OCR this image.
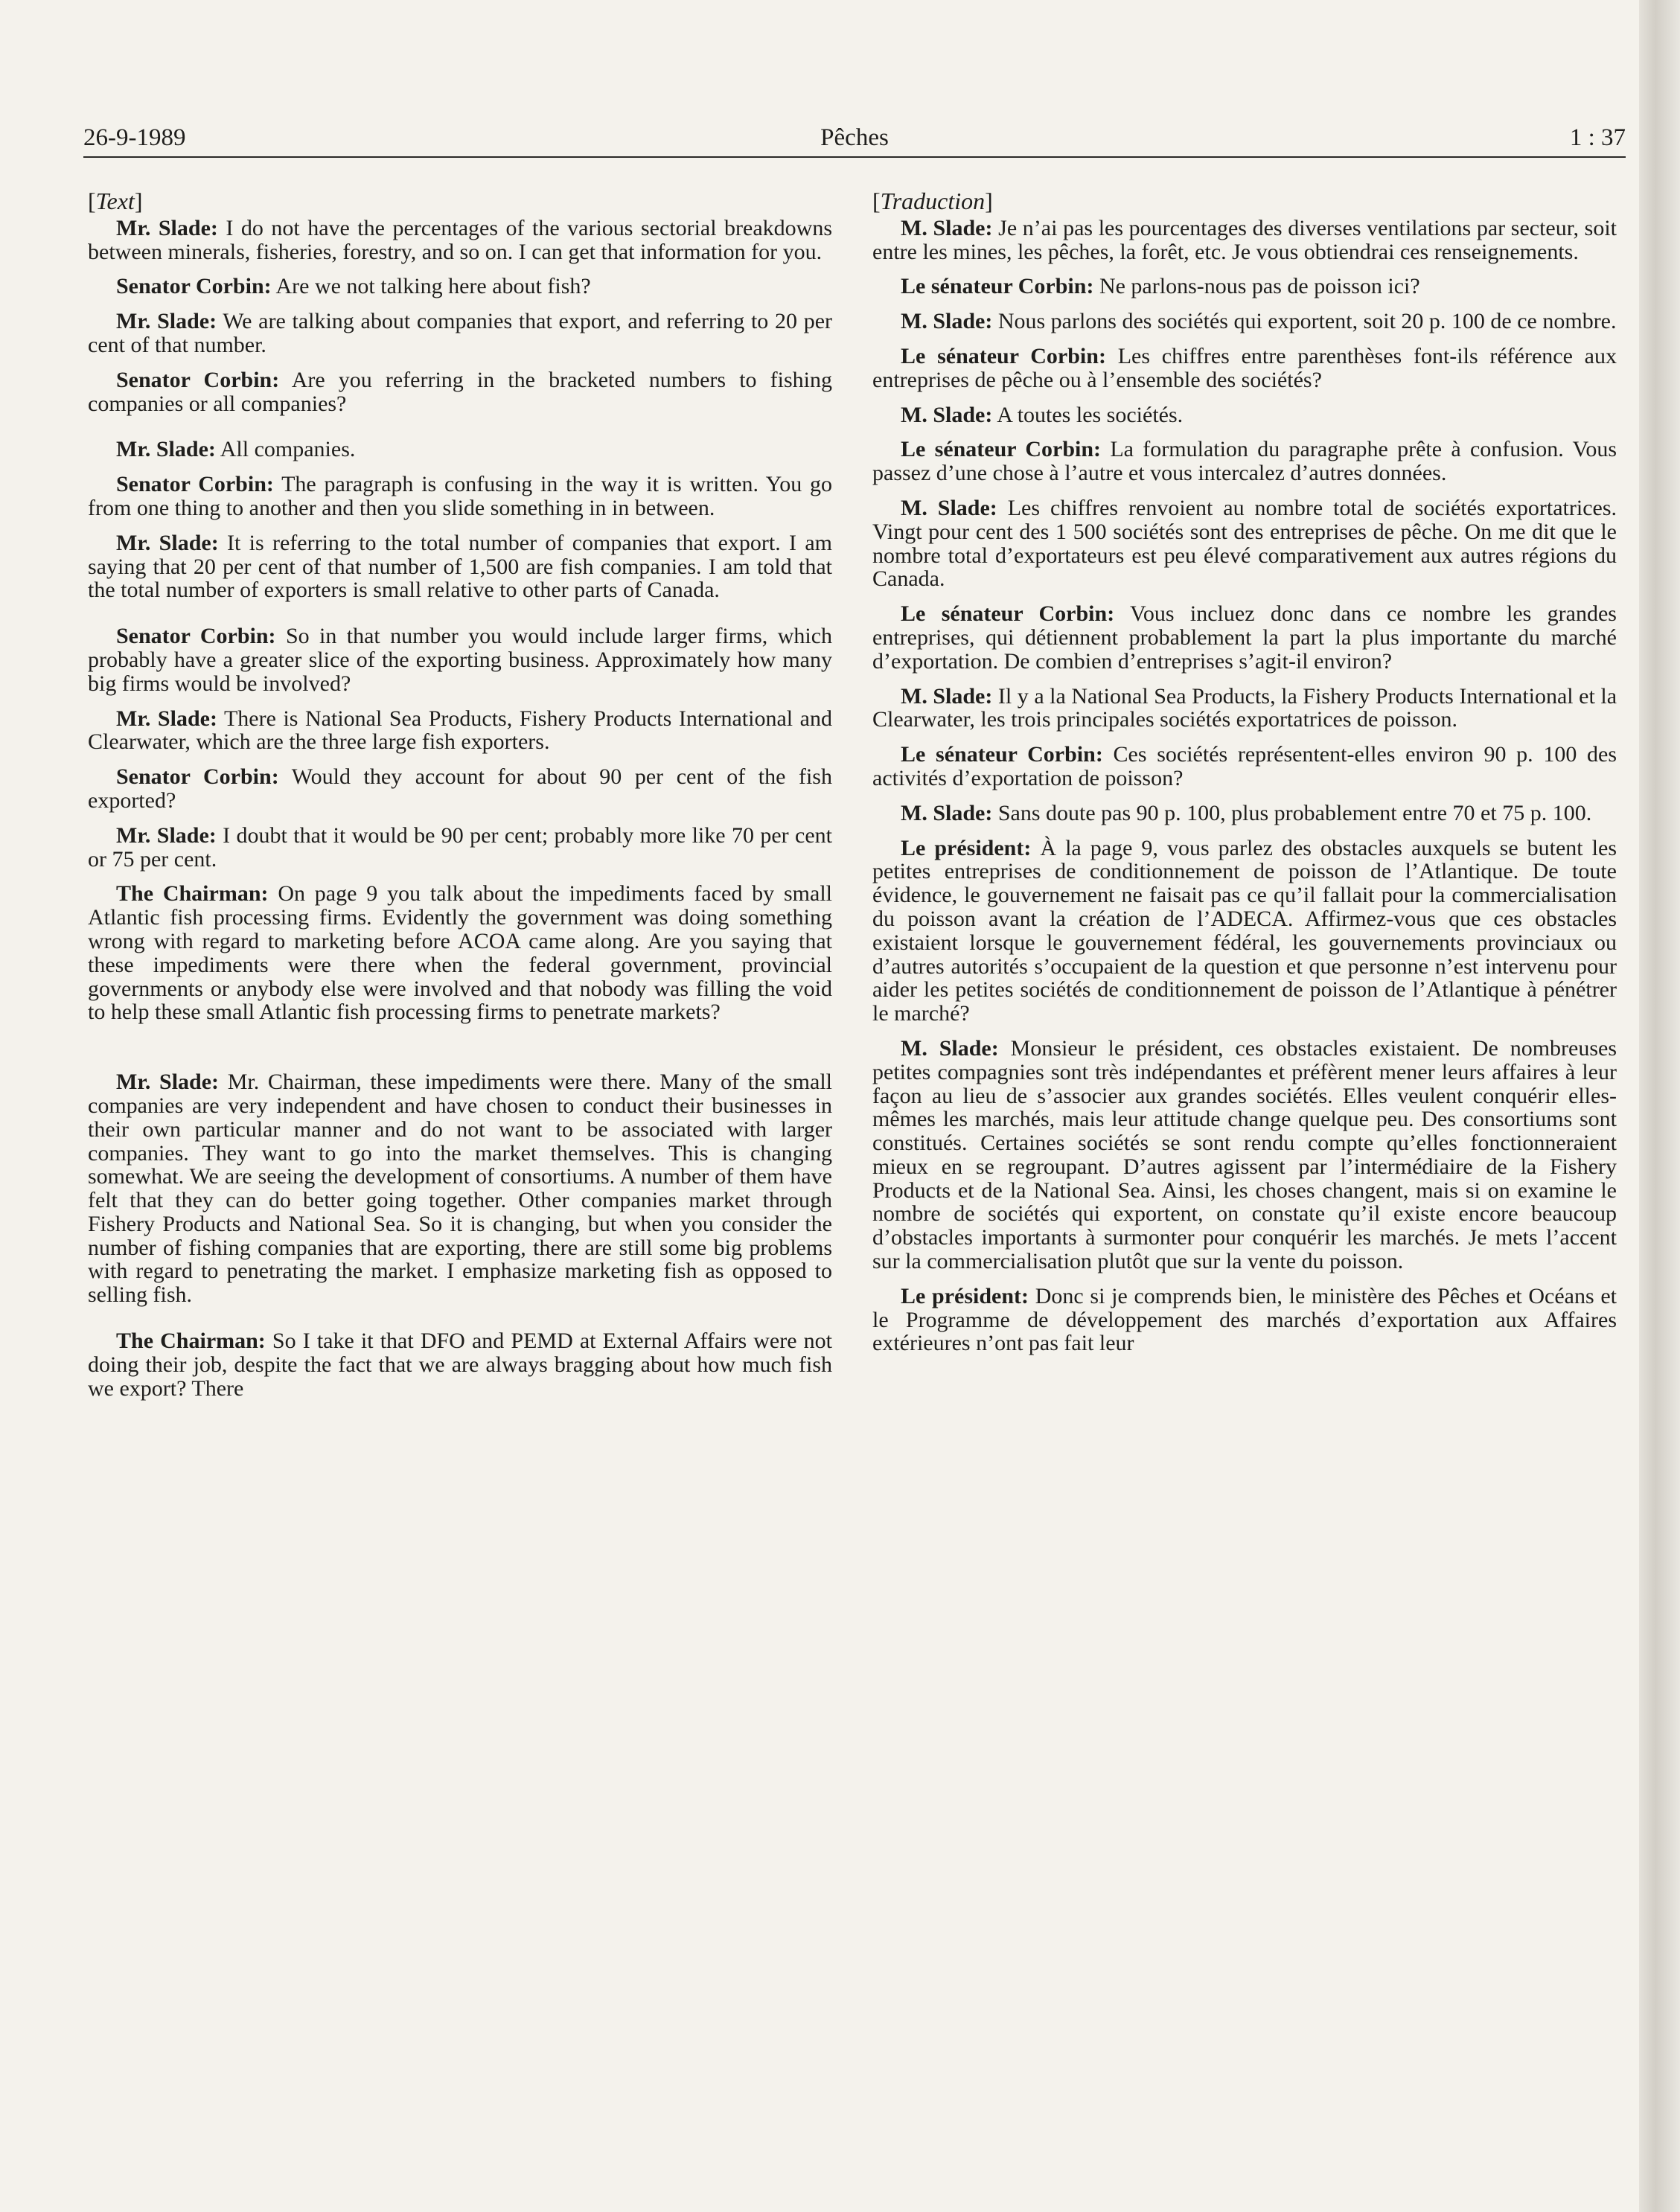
26-9-1989	Pêches	1 : 37
[Text]

Mr. Slade: I do not have the percentages of the various sectorial breakdowns between minerals, fisheries, forestry, and so on. I can get that information for you.

Senator Corbin: Are we not talking here about fish?

Mr. Slade: We are talking about companies that export, and referring to 20 per cent of that number.

Senator Corbin: Are you referring in the bracketed numbers to fishing companies or all companies?

Mr. Slade: All companies.

Senator Corbin: The paragraph is confusing in the way it is written. You go from one thing to another and then you slide something in in between.

Mr. Slade: It is referring to the total number of companies that export. I am saying that 20 per cent of that number of 1,500 are fish companies. I am told that the total number of exporters is small relative to other parts of Canada.

Senator Corbin: So in that number you would include larger firms, which probably have a greater slice of the exporting business. Approximately how many big firms would be involved?

Mr. Slade: There is National Sea Products, Fishery Products International and Clearwater, which are the three large fish exporters.

Senator Corbin: Would they account for about 90 per cent of the fish exported?

Mr. Slade: I doubt that it would be 90 per cent; probably more like 70 per cent or 75 per cent.

The Chairman: On page 9 you talk about the impediments faced by small Atlantic fish processing firms. Evidently the government was doing something wrong with regard to marketing before ACOA came along. Are you saying that these impediments were there when the federal government, provincial governments or anybody else were involved and that nobody was filling the void to help these small Atlantic fish processing firms to penetrate markets?

Mr. Slade: Mr. Chairman, these impediments were there. Many of the small companies are very independent and have chosen to conduct their businesses in their own particular manner and do not want to be associated with larger companies. They want to go into the market themselves. This is changing somewhat. We are seeing the development of consortiums. A number of them have felt that they can do better going together. Other companies market through Fishery Products and National Sea. So it is changing, but when you consider the number of fishing companies that are exporting, there are still some big problems with regard to penetrating the market. I emphasize marketing fish as opposed to selling fish.

The Chairman: So I take it that DFO and PEMD at External Affairs were not doing their job, despite the fact that we are always bragging about how much fish we export? There

[Traduction]

M. Slade: Je n’ai pas les pourcentages des diverses ventilations par secteur, soit entre les mines, les pêches, la forêt, etc. Je vous obtiendrai ces renseignements.

Le sénateur Corbin: Ne parlons-nous pas de poisson ici?

M. Slade: Nous parlons des sociétés qui exportent, soit 20 p. 100 de ce nombre.

Le sénateur Corbin: Les chiffres entre parenthèses font-ils référence aux entreprises de pêche ou à l’ensemble des sociétés?

M. Slade: A toutes les sociétés.

Le sénateur Corbin: La formulation du paragraphe prête à confusion. Vous passez d’une chose à l’autre et vous intercalez d’autres données.

M. Slade: Les chiffres renvoient au nombre total de sociétés exportatrices. Vingt pour cent des 1 500 sociétés sont des entreprises de pêche. On me dit que le nombre total d’exportateurs est peu élevé comparativement aux autres régions du Canada.

Le sénateur Corbin: Vous incluez donc dans ce nombre les grandes entreprises, qui détiennent probablement la part la plus importante du marché d’exportation. De combien d’entreprises s’agit-il environ?

M. Slade: Il y a la National Sea Products, la Fishery Products International et la Clearwater, les trois principales sociétés exportatrices de poisson.

Le sénateur Corbin: Ces sociétés représentent-elles environ 90 p. 100 des activités d’exportation de poisson?

M. Slade: Sans doute pas 90 p. 100, plus probablement entre 70 et 75 p. 100.

Le président: À la page 9, vous parlez des obstacles auxquels se butent les petites entreprises de conditionnement de poisson de l’Atlantique. De toute évidence, le gouvernement ne faisait pas ce qu’il fallait pour la commercialisation du poisson avant la création de l’ADECA. Affirmez-vous que ces obstacles existaient lorsque le gouvernement fédéral, les gouvernements provinciaux ou d’autres autorités s’occupaient de la question et que personne n’est intervenu pour aider les petites sociétés de conditionnement de poisson de l’Atlantique à pénétrer le marché?

M. Slade: Monsieur le président, ces obstacles existaient. De nombreuses petites compagnies sont très indépendantes et préfèrent mener leurs affaires à leur façon au lieu de s’associer aux grandes sociétés. Elles veulent conquérir elles-mêmes les marchés, mais leur attitude change quelque peu. Des consortiums sont constitués. Certaines sociétés se sont rendu compte qu’elles fonctionneraient mieux en se regroupant. D’autres agissent par l’intermédiaire de la Fishery Products et de la National Sea. Ainsi, les choses changent, mais si on examine le nombre de sociétés qui exportent, on constate qu’il existe encore beaucoup d’obstacles importants à surmonter pour conquérir les marchés. Je mets l’accent sur la commercialisation plutôt que sur la vente du poisson.

Le président: Donc si je comprends bien, le ministère des Pêches et Océans et le Programme de développement des marchés d’exportation aux Affaires extérieures n’ont pas fait leur
